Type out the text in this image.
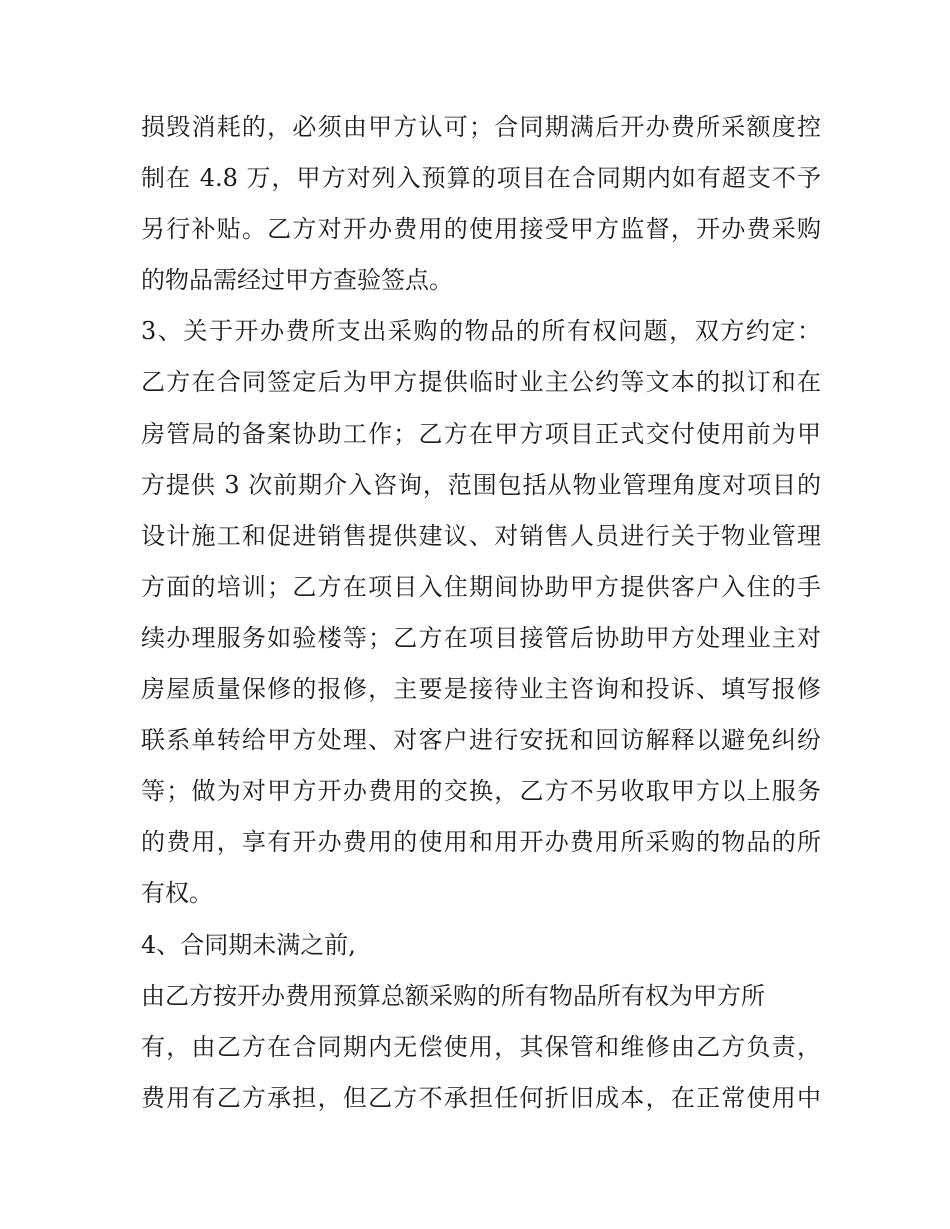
损毁消耗的，必须由甲方认可；合同期满后开办费所采额度控
制在 4.8 万，甲方对列入预算的项目在合同期内如有超支不予
另行补贴。乙方对开办费用的使用接受甲方监督，开办费采购
的物品需经过甲方查验签点。
3、关于开办费所支出采购的物品的所有权问题，双方约定：
乙方在合同签定后为甲方提供临时业主公约等文本的拟订和在
房管局的备案协助工作；乙方在甲方项目正式交付使用前为甲
方提供 3 次前期介入咨询，范围包括从物业管理角度对项目的
设计施工和促进销售提供建议、对销售人员进行关于物业管理
方面的培训；乙方在项目入住期间协助甲方提供客户入住的手
续办理服务如验楼等；乙方在项目接管后协助甲方处理业主对
房屋质量保修的报修，主要是接待业主咨询和投诉、填写报修
联系单转给甲方处理、对客户进行安抚和回访解释以避免纠纷
等；做为对甲方开办费用的交换，乙方不另收取甲方以上服务
的费用，享有开办费用的使用和用开办费用所采购的物品的所
有权。
4、合同期未满之前,
由乙方按开办费用预算总额采购的所有物品所有权为甲方所
有，由乙方在合同期内无偿使用，其保管和维修由乙方负责，
费用有乙方承担，但乙方不承担任何折旧成本，在正常使用中
